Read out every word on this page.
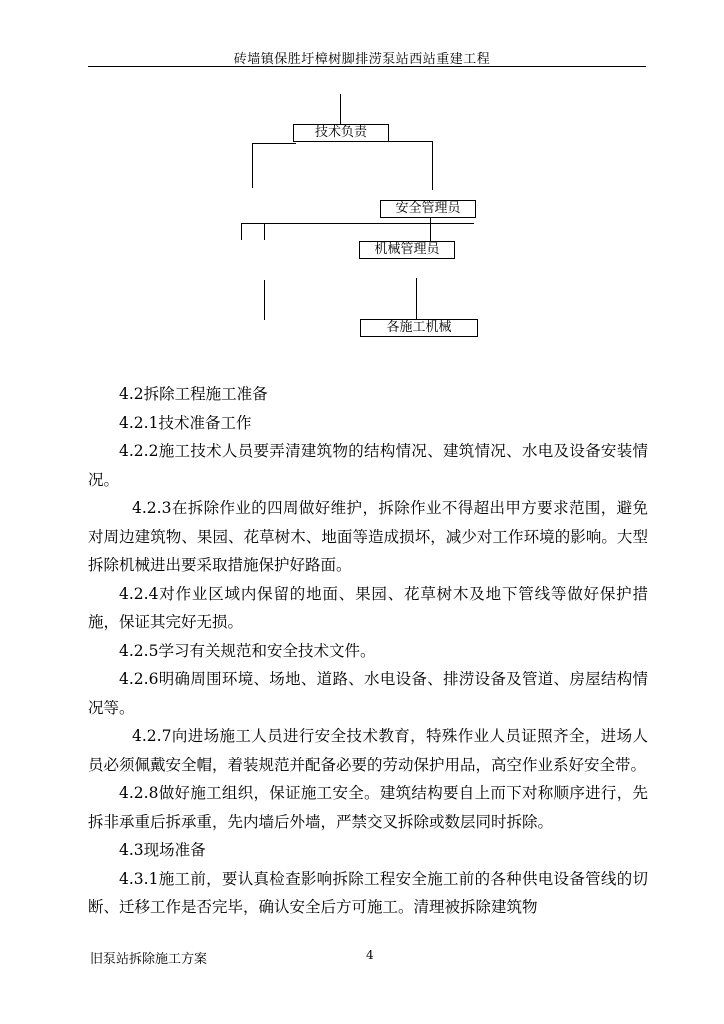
砖墙镇保胜圩樟树脚排涝泵站西站重建工程
技术负责
安全管理员
机械管理员
各施工机械

4.2拆除工程施工准备

4.2.1技术准备工作

4.2.2施工技术人员要弄清建筑物的结构情况、建筑情况、水电及设备安装情况。

4.2.3在拆除作业的四周做好维护，拆除作业不得超出甲方要求范围，避免对周边建筑物、果园、花草树木、地面等造成损坏，减少对工作环境的影响。大型拆除机械进出要采取措施保护好路面。

4.2.4对作业区域内保留的地面、果园、花草树木及地下管线等做好保护措施，保证其完好无损。

4.2.5学习有关规范和安全技术文件。

4.2.6明确周围环境、场地、道路、水电设备、排涝设备及管道、房屋结构情况等。

4.2.7向进场施工人员进行安全技术教育，特殊作业人员证照齐全，进场人员必须佩戴安全帽，着装规范并配备必要的劳动保护用品，高空作业系好安全带。

4.2.8做好施工组织，保证施工安全。建筑结构要自上而下对称顺序进行，先拆非承重后拆承重，先内墙后外墙，严禁交叉拆除或数层同时拆除。

4.3现场准备

4.3.1施工前，要认真检查影响拆除工程安全施工前的各种供电设备管线的切断、迁移工作是否完毕，确认安全后方可施工。清理被拆除建筑物

旧泵站拆除施工方案	4
